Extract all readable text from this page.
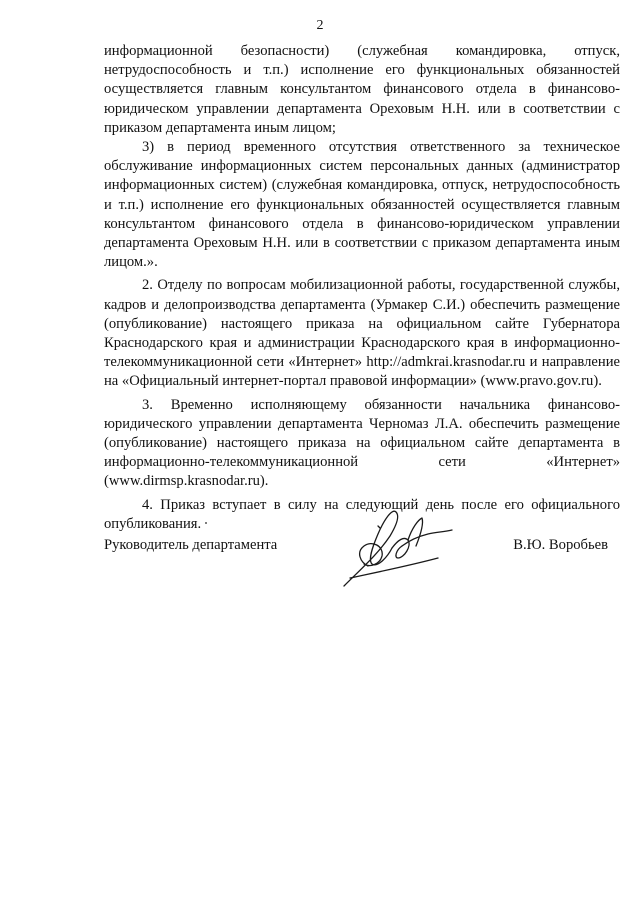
2

информационной безопасности) (служебная командировка, отпуск, нетрудоспособность и т.п.) исполнение его функциональных обязанностей осуществляется главным консультантом финансового отдела в финансово-юридическом управлении департамента Ореховым Н.Н. или в соответствии с приказом департамента иным лицом;

3) в период временного отсутствия ответственного за техническое обслуживание информационных систем персональных данных (администратор информационных систем) (служебная командировка, отпуск, нетрудоспособность и т.п.) исполнение его функциональных обязанностей осуществляется главным консультантом финансового отдела в финансово-юридическом управлении департамента Ореховым Н.Н. или в соответствии с приказом департамента иным лицом.».

2. Отделу по вопросам мобилизационной работы, государственной службы, кадров и делопроизводства департамента (Урмакер С.И.) обеспечить размещение (опубликование) настоящего приказа на официальном сайте Губернатора Краснодарского края и администрации Краснодарского края в информационно-телекоммуникационной сети «Интернет» http://admkrai.krasnodar.ru и направление на «Официальный интернет-портал правовой информации» (www.pravo.gov.ru).

3. Временно исполняющему обязанности начальника финансово-юридического управлении департамента Черномаз Л.А. обеспечить размещение (опубликование) настоящего приказа на официальном сайте департамента в информационно-телекоммуникационной сети «Интернет» (www.dirmsp.krasnodar.ru).

4. Приказ вступает в силу на следующий день после его официального опубликования.

Руководитель департамента	В.Ю. Воробьев
